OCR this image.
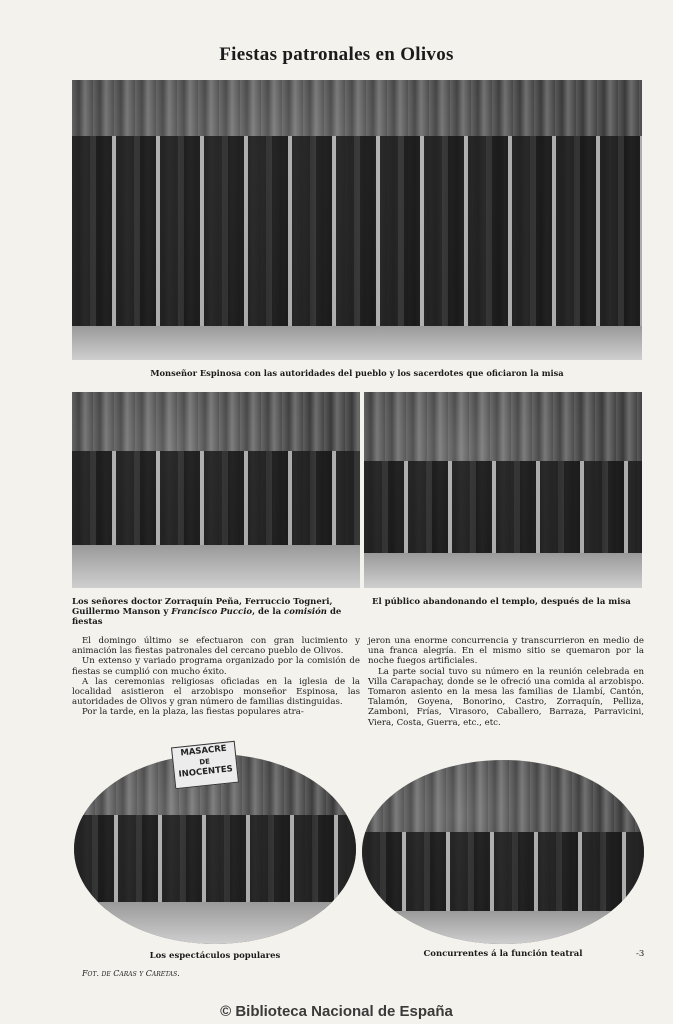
Fiestas patronales en Olivos
Monseñor Espinosa con las autoridades del pueblo y los sacerdotes que oficiaron la misa
Los señores doctor Zorraquín Peña, Ferruccio Togneri, Guillermo Manson y Francisco Puccio, de la comisión de fiestas
El público abandonando el templo, después de la misa

El domingo último se efectuaron con gran lucimiento y animación las fiestas patronales del cercano pueblo de Olivos.

Un extenso y variado programa organizado por la comisión de fiestas se cumplió con mucho éxito.

A las ceremonias religiosas oficiadas en la iglesia de la localidad asistieron el arzobispo monseñor Espinosa, las autoridades de Olivos y gran número de familias distinguidas.

Por la tarde, en la plaza, las fiestas populares atra-

jeron una enorme concurrencia y transcurrieron en medio de una franca alegría. En el mismo sitio se quemaron por la noche fuegos artificiales.

La parte social tuvo su número en la reunión celebrada en Villa Carapachay, donde se le ofreció una comida al arzobispo. Tomaron asiento en la mesa las familias de Llambí, Cantón, Talamón, Goyena, Bonorino, Castro, Zorraquín, Pelliza, Zamboni, Frías, Virasoro, Caballero, Barraza, Parravicini, Viera, Costa, Guerra, etc., etc.

MASACRE
DE
INOCENTES
Los espectáculos populares	Concurrentes á la función teatral	-3
Fot. de Caras y Caretas.
© Biblioteca Nacional de España
